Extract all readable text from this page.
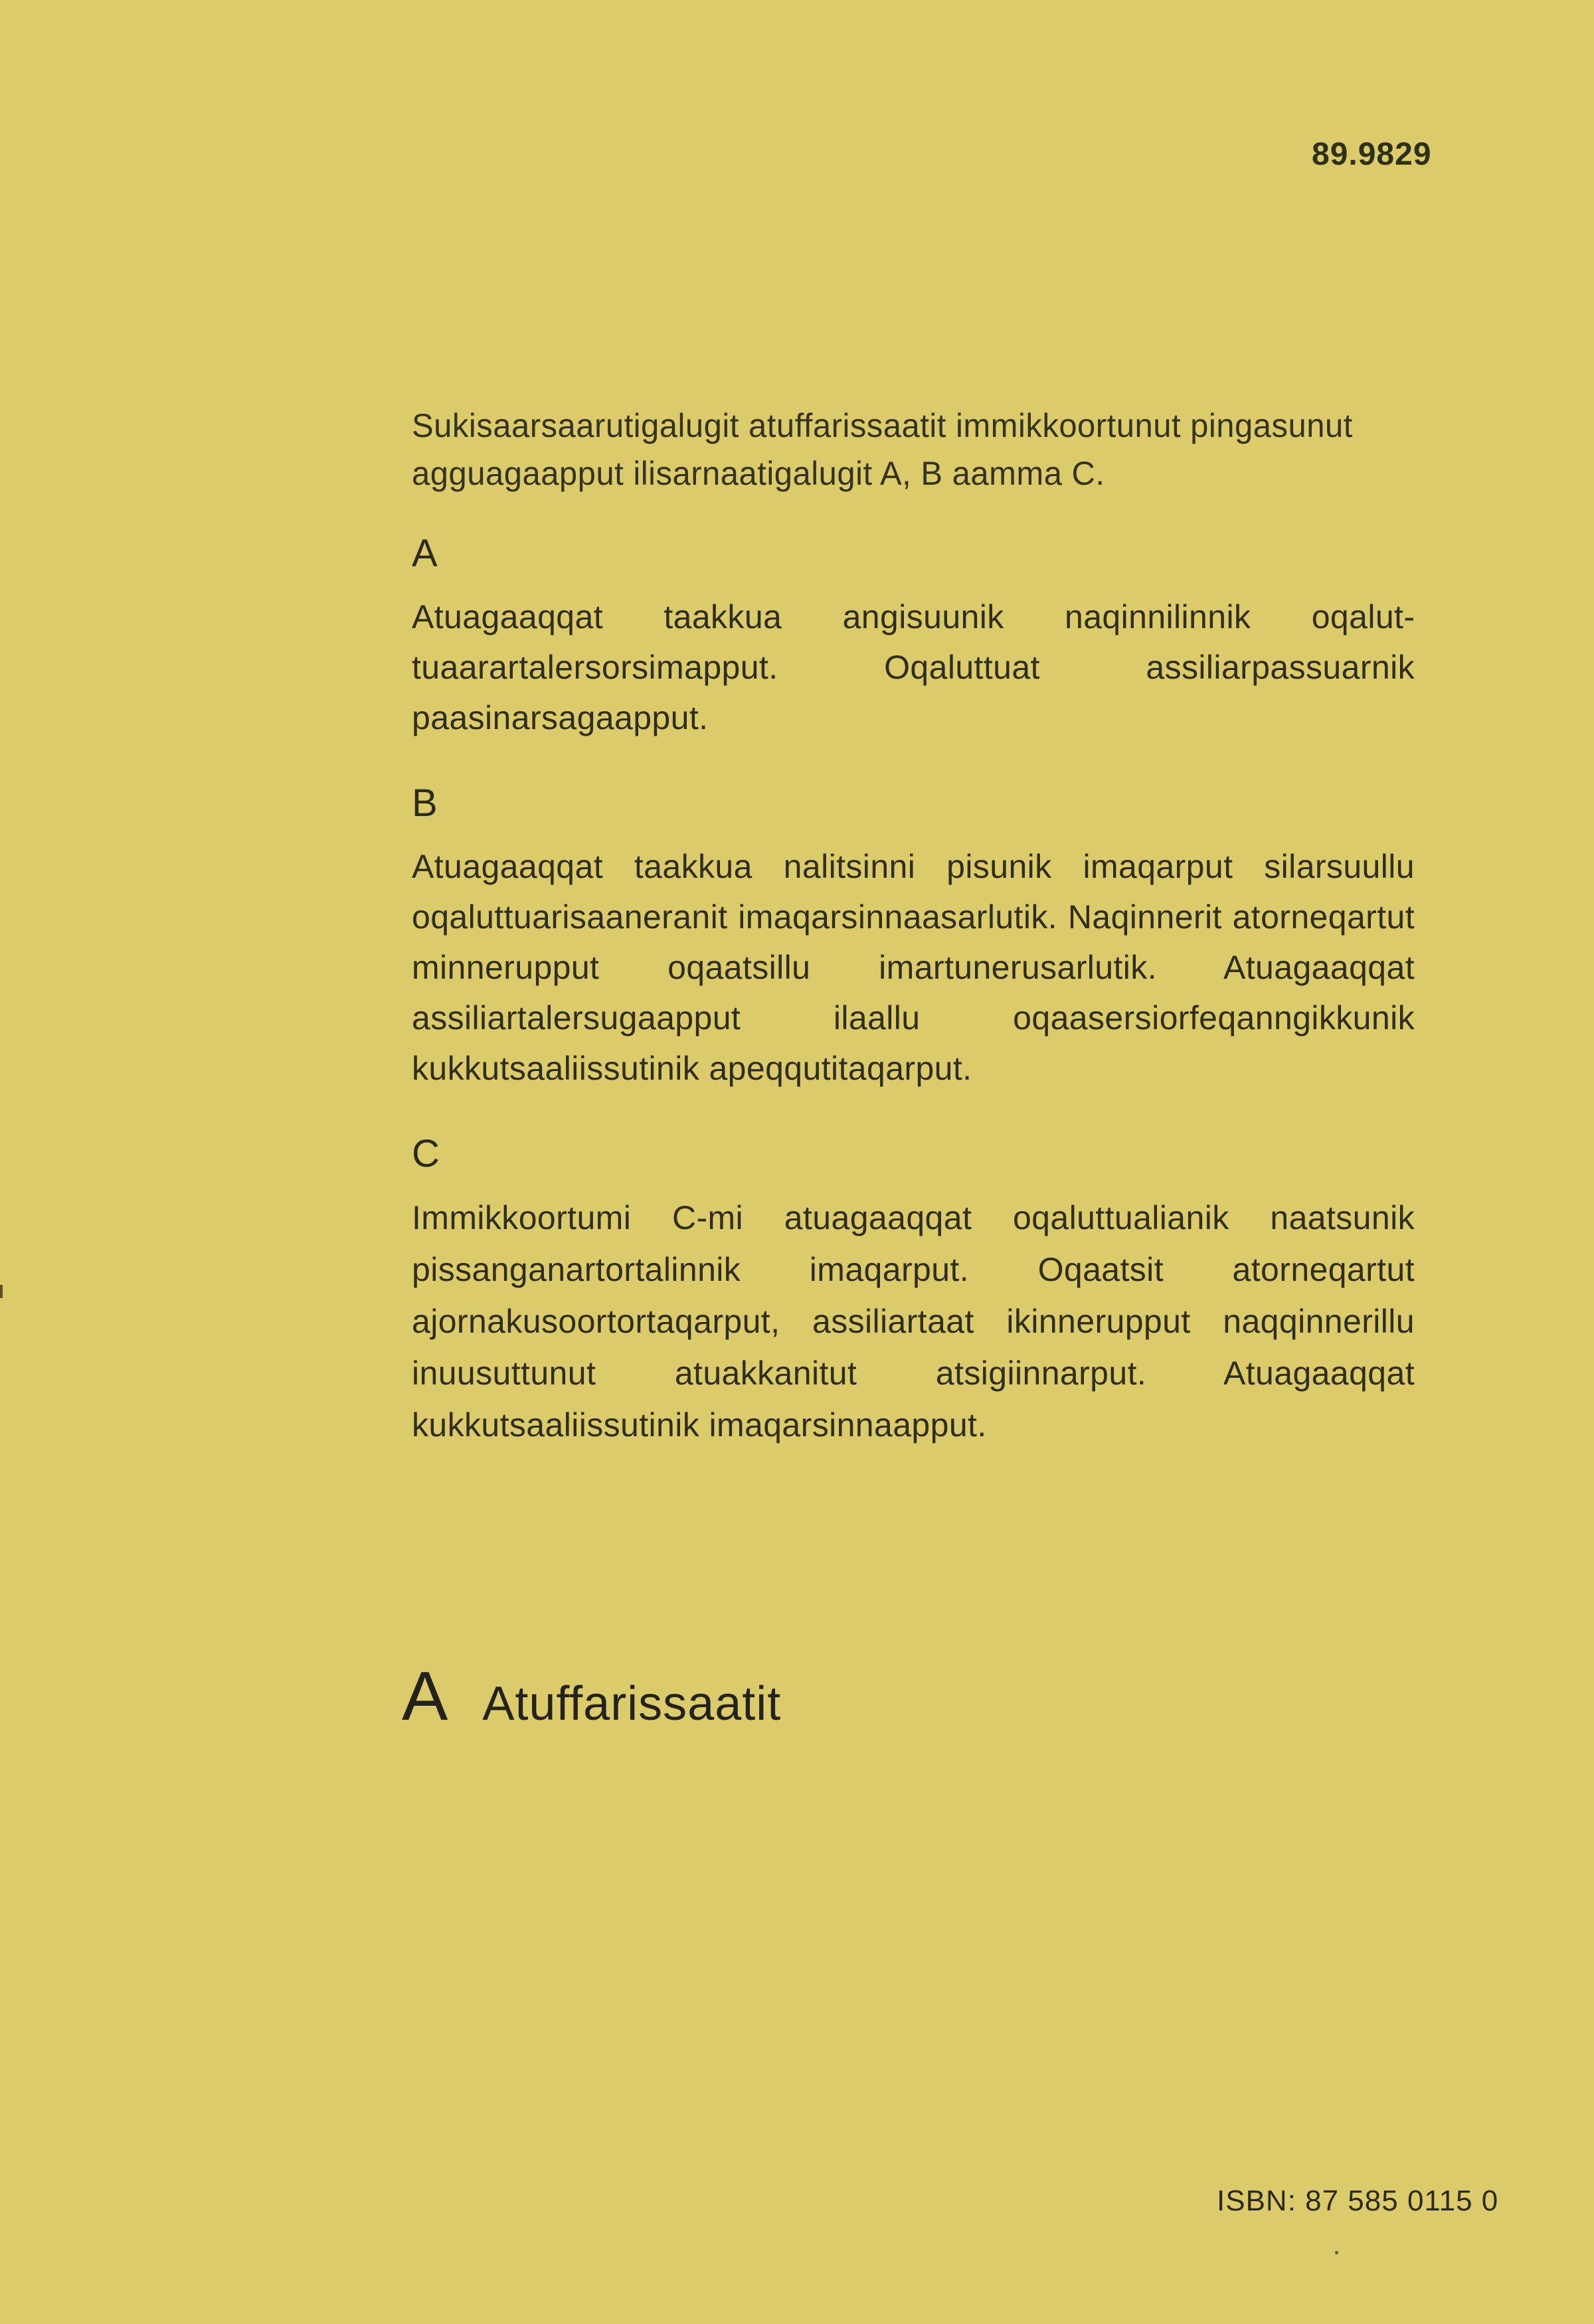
89.9829

Sukisaarsaarutigalugit atuffarissaatit immikkoortunut pingasunut agguagaapput ilisarnaatigalugit A, B aamma C.

A

Atuagaaqqat taakkua angisuunik naqinnilinnik oqaluttuaarartalersorsimapput. Oqaluttuat assiliarpassuarnik paasinarsagaapput.

B

Atuagaaqqat taakkua nalitsinni pisunik imaqarput silarsuullu oqaluttuarisaaneranit imaqarsinnaasarlutik. Naqinnerit atorneqartut minnerupput oqaatsillu imartunerusarlutik. Atuagaaqqat assiliartalersugaapput ilaallu oqaasersiorfeqanngikkunik kukkutsaaliissutinik apeqqutitaqarput.

C

Immikkoortumi C-mi atuagaaqqat oqaluttualianik naatsunik pissanganartortalinnik imaqarput. Oqaatsit atorneqartut ajornakusoortortaqarput, assiliartaat ikinnerupput naqqinnerillu inuusuttunut atuakkanitut atsigiinnarput. Atuagaaqqat kukkutsaaliissutinik imaqarsinnaapput.

A Atuffarissaatit
ISBN: 87 585 0115 0
